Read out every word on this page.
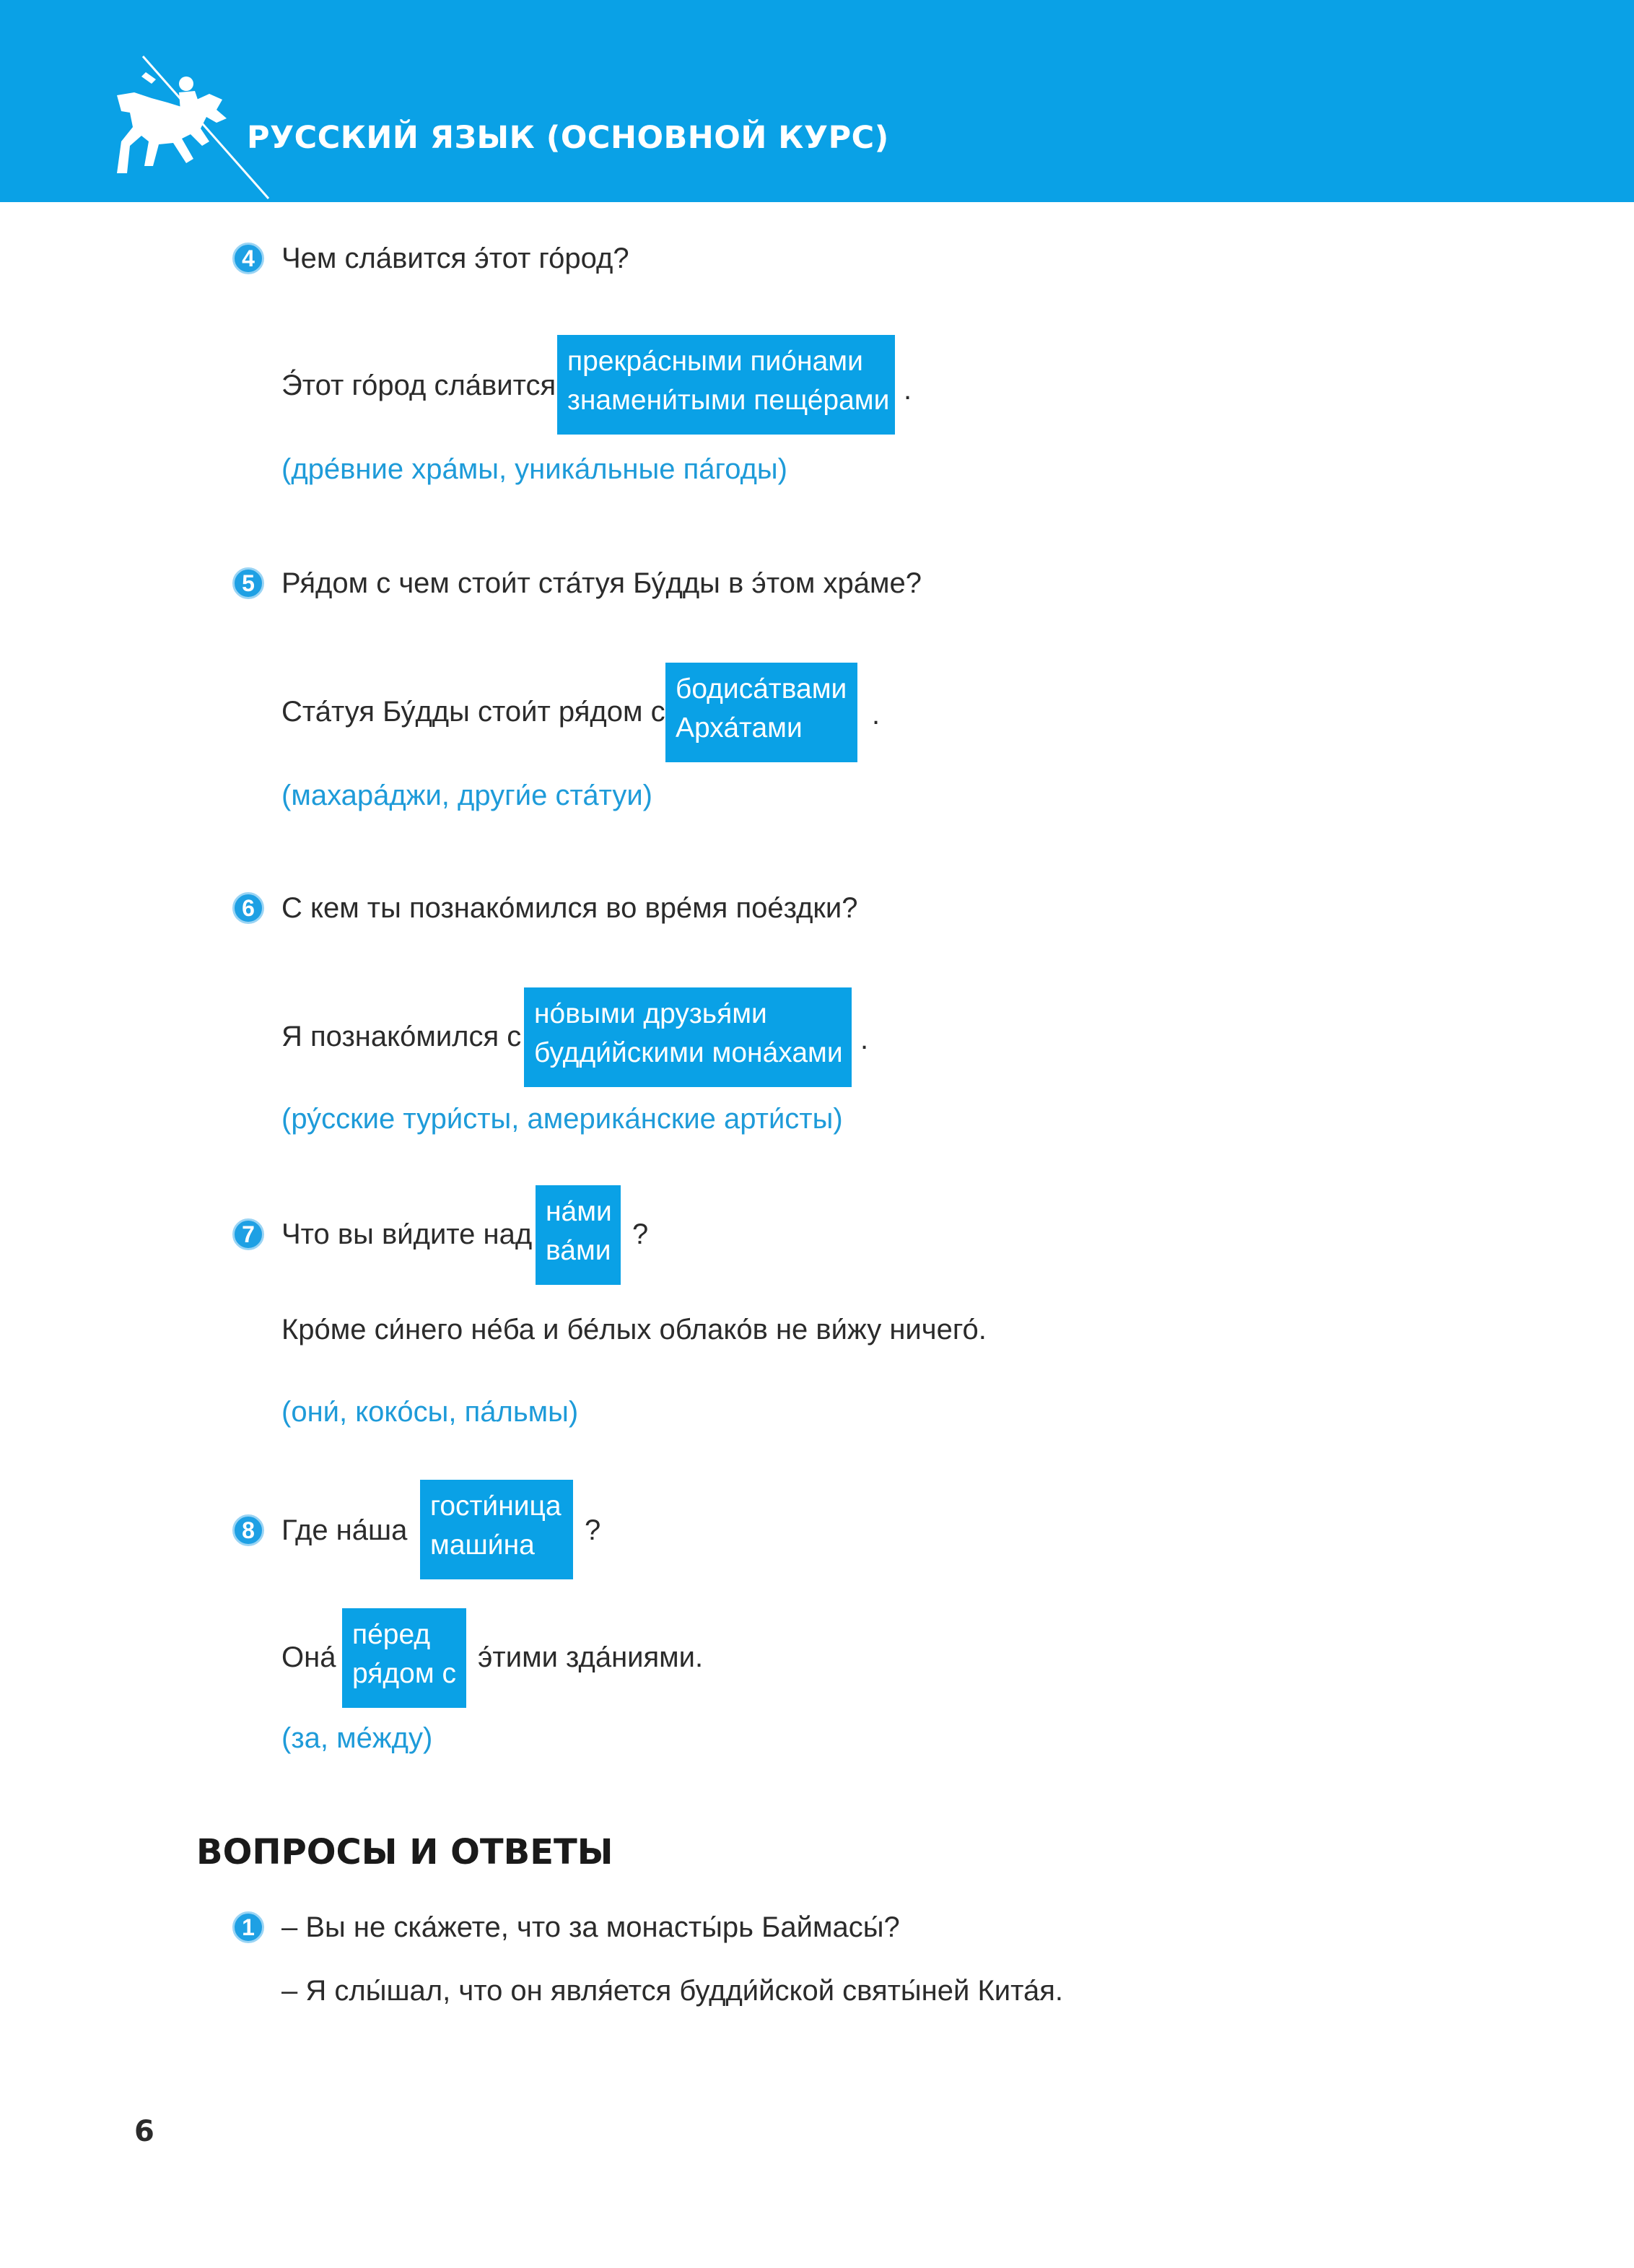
РУССКИЙ ЯЗЫК (ОСНОВНОЙ КУРС)
4 Чем сла́вится э́тот го́род?
Э́тот го́род сла́вится
прекра́сными пио́нами
знамени́тыми пеще́рами .
(дре́вние хра́мы, уника́льные па́годы)
5 Ря́дом с чем стои́т ста́туя Бу́дды в э́том хра́ме?
Ста́туя Бу́дды стои́т ря́дом с
бодиса́твами
Арха́тами	.
(махара́джи, други́е ста́туи)
6 С кем ты познако́мился во вре́мя пое́здки?
Я познако́мился с
но́выми друзья́ми
будди́йскими мона́хами .
(ру́сские тури́сты, америка́нские арти́сты)
7 Что вы ви́дите над
на́ми
ва́ми
?
Кро́ме си́него не́ба и бе́лых облако́в не ви́жу ничего́.
(они́, коко́сы, па́льмы)
8 Где на́ша
гости́ница
маши́на	?
Она́
пе́ред
ря́дом с
э́тими зда́ниями.
(за, ме́жду)
ВОПРОСЫ И ОТВЕТЫ
1 – Вы не ска́жете, что за монасты́рь Баймасы́?
– Я слы́шал, что он явля́ется будди́йской святы́ней Кита́я.
6
